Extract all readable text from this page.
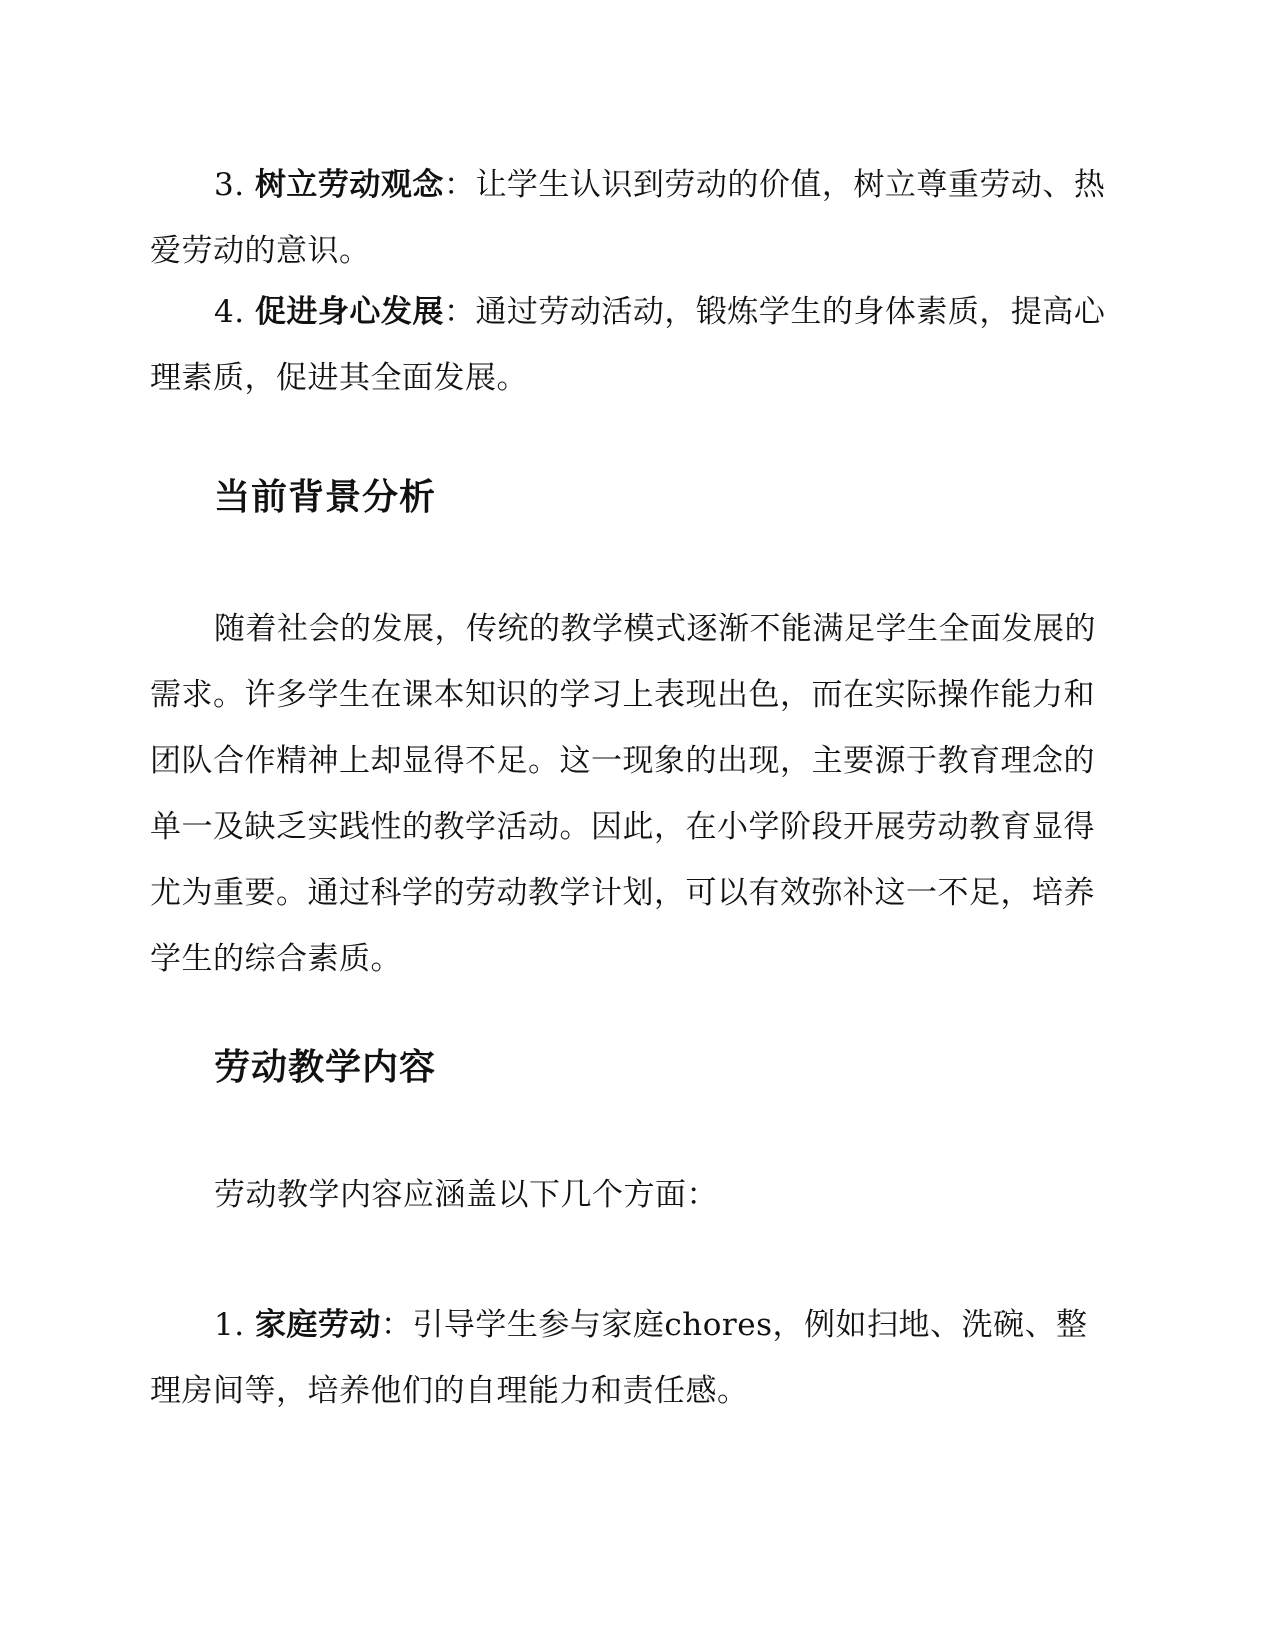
3. 树立劳动观念：让学生认识到劳动的价值，树立尊重劳动、热爱劳动的意识。

4. 促进身心发展：通过劳动活动，锻炼学生的身体素质，提高心理素质，促进其全面发展。

当前背景分析

随着社会的发展，传统的教学模式逐渐不能满足学生全面发展的需求。许多学生在课本知识的学习上表现出色，而在实际操作能力和团队合作精神上却显得不足。这一现象的出现，主要源于教育理念的单一及缺乏实践性的教学活动。因此，在小学阶段开展劳动教育显得尤为重要。通过科学的劳动教学计划，可以有效弥补这一不足，培养学生的综合素质。

劳动教学内容

劳动教学内容应涵盖以下几个方面：

1. 家庭劳动：引导学生参与家庭chores，例如扫地、洗碗、整理房间等，培养他们的自理能力和责任感。
